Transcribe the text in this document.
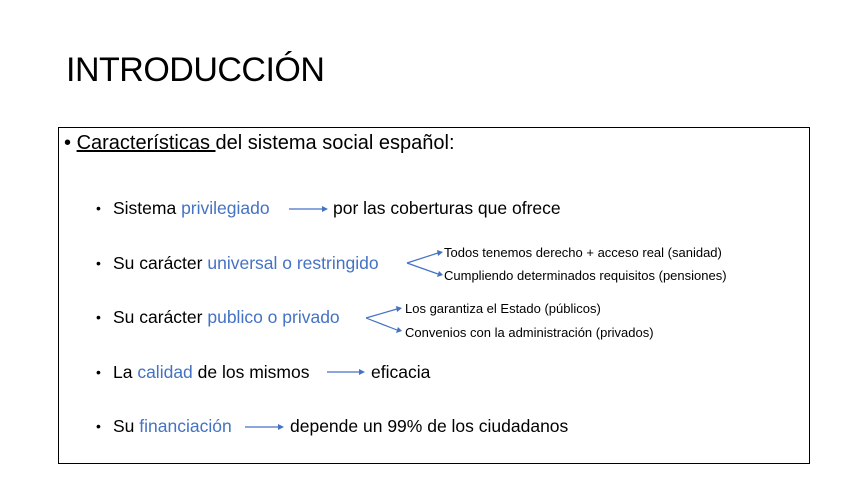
INTRODUCCIÓN
• Características del sistema social español:
• Sistema privilegiado	por las coberturas que ofrece
• Su carácter universal o restringido
Todos tenemos derecho + acceso real (sanidad)
Cumpliendo determinados requisitos (pensiones)
• Su carácter publico o privado	Los garantiza el Estado (públicos)
Convenios con la administración (privados)
• La calidad de los mismos	eficacia
• Su financiación	depende un 99% de los ciudadanos
